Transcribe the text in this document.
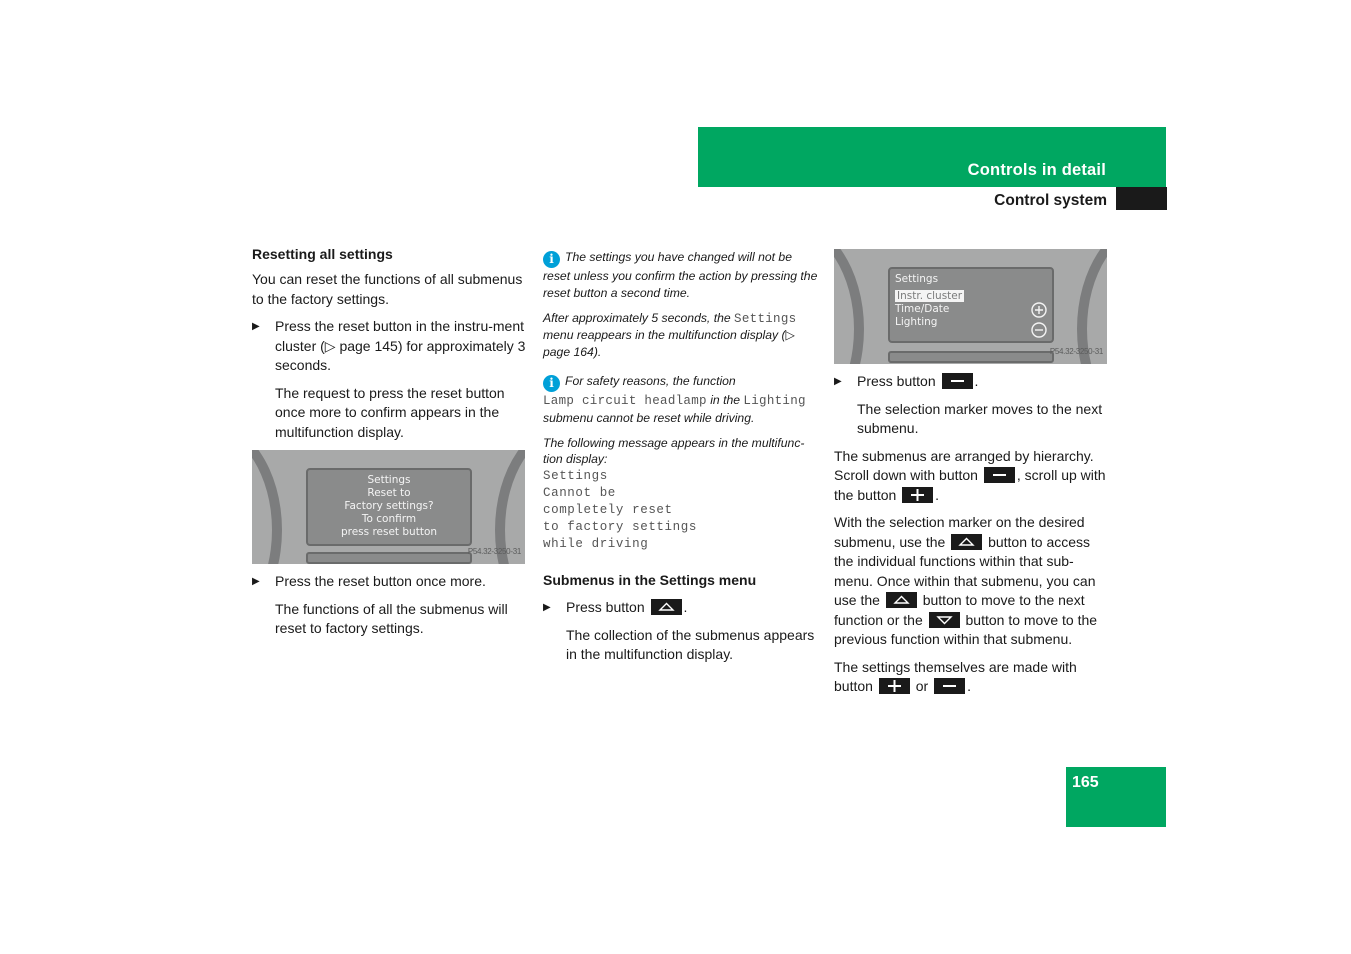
Controls in detail
Control system
Resetting all settings

You can reset the functions of all submenus to the factory settings.

▶ Press the reset button in the instru-ment cluster (▷ page 145) for approximately 3 seconds.

The request to press the reset button once more to confirm appears in the multifunction display.

Settings
Reset to
Factory settings?
To confirm
press reset button
P54.32-3250-31
▶ Press the reset button once more.

The functions of all the submenus will reset to factory settings.

i The settings you have changed will not be reset unless you confirm the action by pressing the reset button a second time.

After approximately 5 seconds, the Settings menu reappears in the multifunction display (▷ page 164).

i For safety reasons, the function
Lamp circuit headlamp in the Lighting submenu cannot be reset while driving.

The following message appears in the multifunc-tion display:

Settings
Cannot be
completely reset
to factory settings
while driving
Submenus in the Settings menu
▶ Press button	.

The collection of the submenus appears in the multifunction display.

Settings
Instr. cluster
Time/Date
Lighting
P54.32-3250-31
▶ Press button	.

The selection marker moves to the next submenu.

The submenus are arranged by hierarchy. Scroll down with button	, scroll up with the button	.

With the selection marker on the desired submenu, use the	button to access the individual functions within that sub-menu. Once within that submenu, you can use the	button to move to the next function or the	button to move to the previous function within that submenu.

The settings themselves are made with button	or	.

165
